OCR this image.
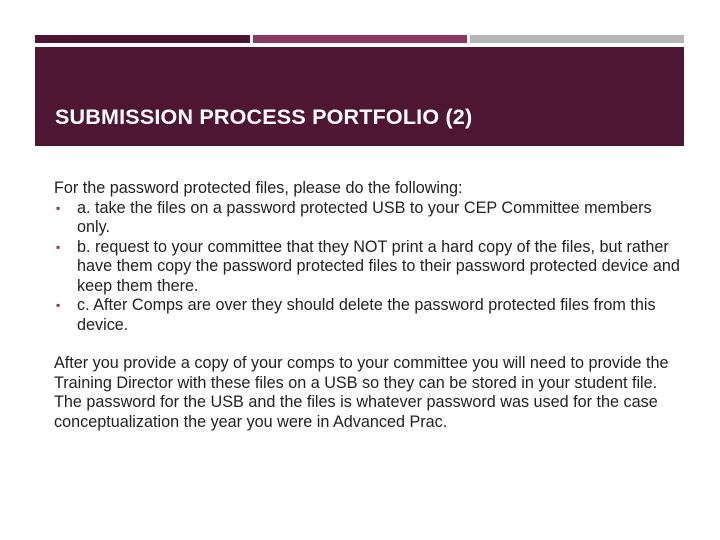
SUBMISSION PROCESS PORTFOLIO (2)

For the password protected files, please do the following:

▪ a. take the files on a password protected USB to your CEP Committee members only.
▪ b. request to your committee that they NOT print a hard copy of the files, but rather have them copy the password protected files to their password protected device and keep them there.
▪ c. After Comps are over they should delete the password protected files from this device.

After you provide a copy of your comps to your committee you will need to provide the Training Director with these files on a USB so they can be stored in your student file. The password for the USB and the files is whatever password was used for the case conceptualization the year you were in Advanced Prac.
